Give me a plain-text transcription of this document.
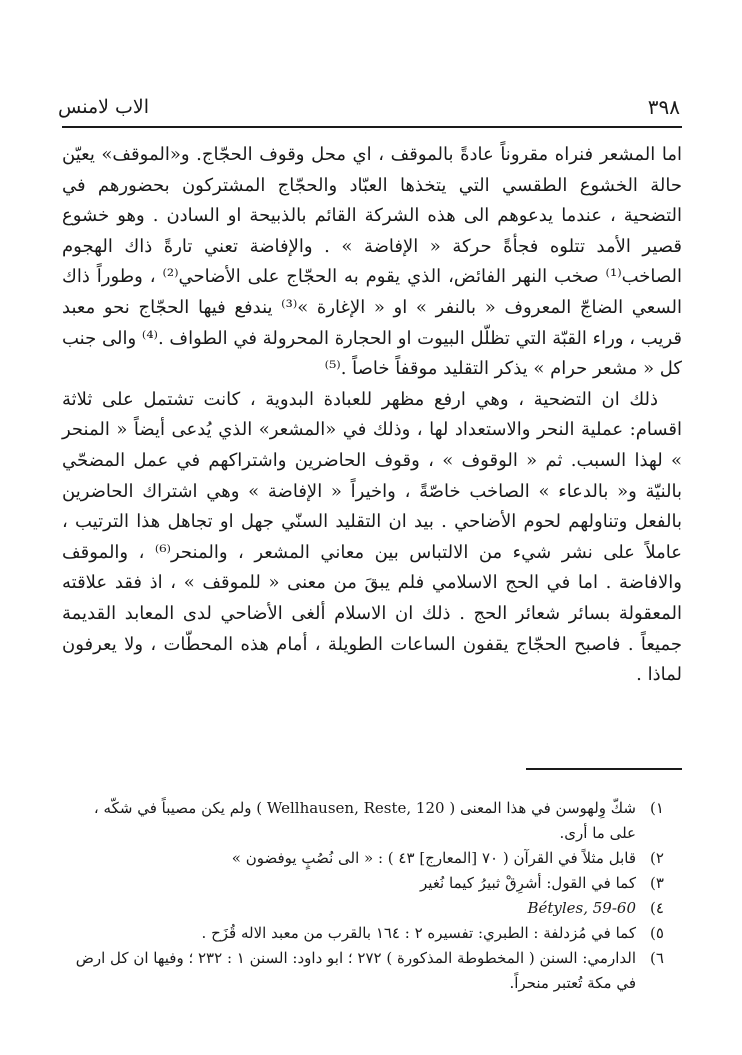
٣٩٨
الاب لامنس

اما المشعر فنراه مقروناً عادةً بالموقف ، اي محل وقوف الحجّاج. و«الموقف» يعيّن حالة الخشوع الطقسي التي يتخذها العبّاد والحجّاج المشتركون بحضورهم في التضحية ، عندما يدعوهم الى هذه الشركة القائم بالذبيحة او السادن . وهو خشوع قصير الأمد تتلوه فجأةً حركة « الإفاضة » . والإفاضة تعني تارةً ذاك الهجوم الصاخب⁽¹⁾ صخب النهر الفائض، الذي يقوم به الحجّاج على الأضاحي⁽²⁾ ، وطوراً ذاك السعي الضاجّ المعروف « بالنفر » او « الإغارة »⁽³⁾ يندفع فيها الحجّاج نحو معبد قريب ، وراء القبّة التي تظلّل البيوت او الحجارة المحرولة في الطواف .⁽⁴⁾ والى جنب كل « مشعر حرام » يذكر التقليد موقفاً خاصاً .⁽⁵⁾

ذلك ان التضحية ، وهي ارفع مظهر للعبادة البدوية ، كانت تشتمل على ثلاثة اقسام: عملية النحر والاستعداد لها ، وذلك في «المشعر» الذي يُدعى أيضاً « المنحر » لهذا السبب. ثم « الوقوف » ، وقوف الحاضرين واشتراكهم في عمل المضحّي بالنيّة و« بالدعاء » الصاخب خاصّةً ، واخيراً « الإفاضة » وهي اشتراك الحاضرين بالفعل وتناولهم لحوم الأضاحي . بيد ان التقليد السنّي جهل او تجاهل هذا الترتيب ، عاملاً على نشر شيء من الالتباس بين معاني المشعر ، والمنحر⁽⁶⁾ ، والموقف والافاضة . اما في الحج الاسلامي فلم يبقَ من معنى « للموقف » ، اذ فقد علاقته المعقولة بسائر شعائر الحج . ذلك ان الاسلام ألغى الأضاحي لدى المعابد القديمة جميعاً . فاصبح الحجّاج يقفون الساعات الطويلة ، أمام هذه المحطّات ، ولا يعرفون لماذا .

١)
شكّ وِلهوسن في هذا المعنى ( Wellhausen, Reste, 120 ) ولم يكن مصيباً في شكّه ، على ما أرى.
٢)
قابل مثلاً في القرآن ( ٧٠ [المعارج] ٤٣ ) : « الى نُصُبٍ يوفضون »
٣)
كما في القول: أشرِقْ ثبيرُ كيما نُغير
٤)
Bétyles, 59-60
٥)
كما في مُزدلفة : الطبري: تفسيره ٢ : ١٦٤ بالقرب من معبد الاله قُزَح .
٦)
الدارمي: السنن ( المخطوطة المذكورة ) ٢٧٢ ؛ ابو داود: السنن ١ : ٢٣٢ ؛ وفيها ان كل ارض في مكة تُعتبر منحراً.
